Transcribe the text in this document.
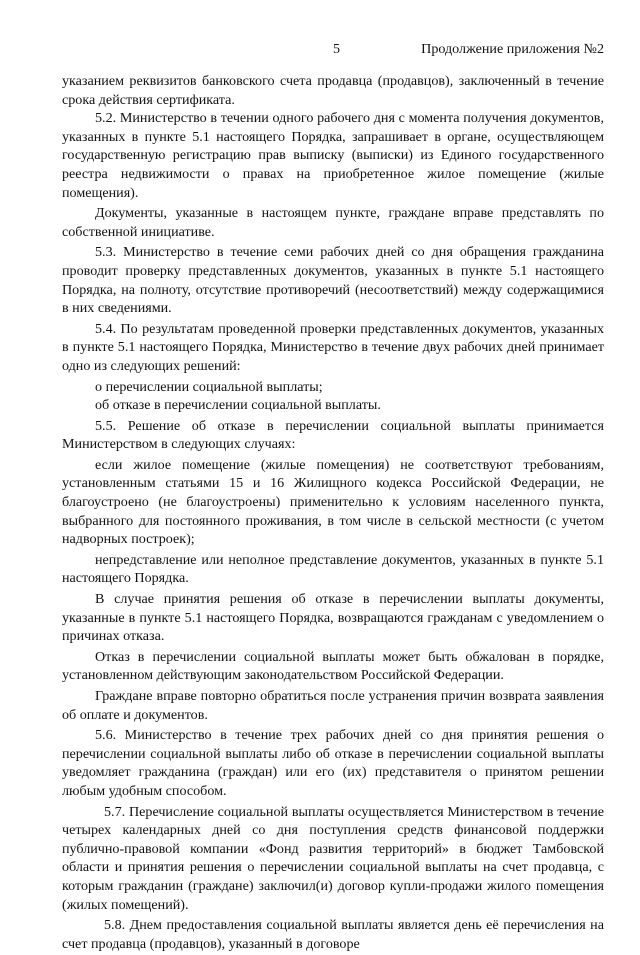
5	Продолжение приложения №2

указанием реквизитов банковского счета продавца (продавцов), заключенный в течение срока действия сертификата.

5.2. Министерство в течении одного рабочего дня с момента получения документов, указанных в пункте 5.1 настоящего Порядка, запрашивает в органе, осуществляющем государственную регистрацию прав выписку (выписки) из Единого государственного реестра недвижимости о правах на приобретенное жилое помещение (жилые помещения).

Документы, указанные в настоящем пункте, граждане вправе представлять по собственной инициативе.

5.3. Министерство в течение семи рабочих дней со дня обращения гражданина проводит проверку представленных документов, указанных в пункте 5.1 настоящего Порядка, на полноту, отсутствие противоречий (несоответствий) между содержащимися в них сведениями.

5.4. По результатам проведенной проверки представленных документов, указанных в пункте 5.1 настоящего Порядка, Министерство в течение двух рабочих дней принимает одно из следующих решений:

о перечислении социальной выплаты;

об отказе в перечислении социальной выплаты.

5.5. Решение об отказе в перечислении социальной выплаты принимается Министерством в следующих случаях:

если жилое помещение (жилые помещения) не соответствуют требованиям, установленным статьями 15 и 16 Жилищного кодекса Российской Федерации, не благоустроено (не благоустроены) применительно к условиям населенного пункта, выбранного для постоянного проживания, в том числе в сельской местности (с учетом надворных построек);

непредставление или неполное представление документов, указанных в пункте 5.1 настоящего Порядка.

В случае принятия решения об отказе в перечислении выплаты документы, указанные в пункте 5.1 настоящего Порядка, возвращаются гражданам с уведомлением о причинах отказа.

Отказ в перечислении социальной выплаты может быть обжалован в порядке, установленном действующим законодательством Российской Федерации.

Граждане вправе повторно обратиться после устранения причин возврата заявления об оплате и документов.

5.6. Министерство в течение трех рабочих дней со дня принятия решения о перечислении социальной выплаты либо об отказе в перечислении социальной выплаты уведомляет гражданина (граждан) или его (их) представителя о принятом решении любым удобным способом.

5.7. Перечисление социальной выплаты осуществляется Министерством в течение четырех календарных дней со дня поступления средств финансовой поддержки публично-правовой компании «Фонд развития территорий» в бюджет Тамбовской области и принятия решения о перечислении социальной выплаты на счет продавца, с которым гражданин (граждане) заключил(и) договор купли-продажи жилого помещения (жилых помещений).

5.8. Днем предоставления социальной выплаты является день её перечисления на счет продавца (продавцов), указанный в договоре
